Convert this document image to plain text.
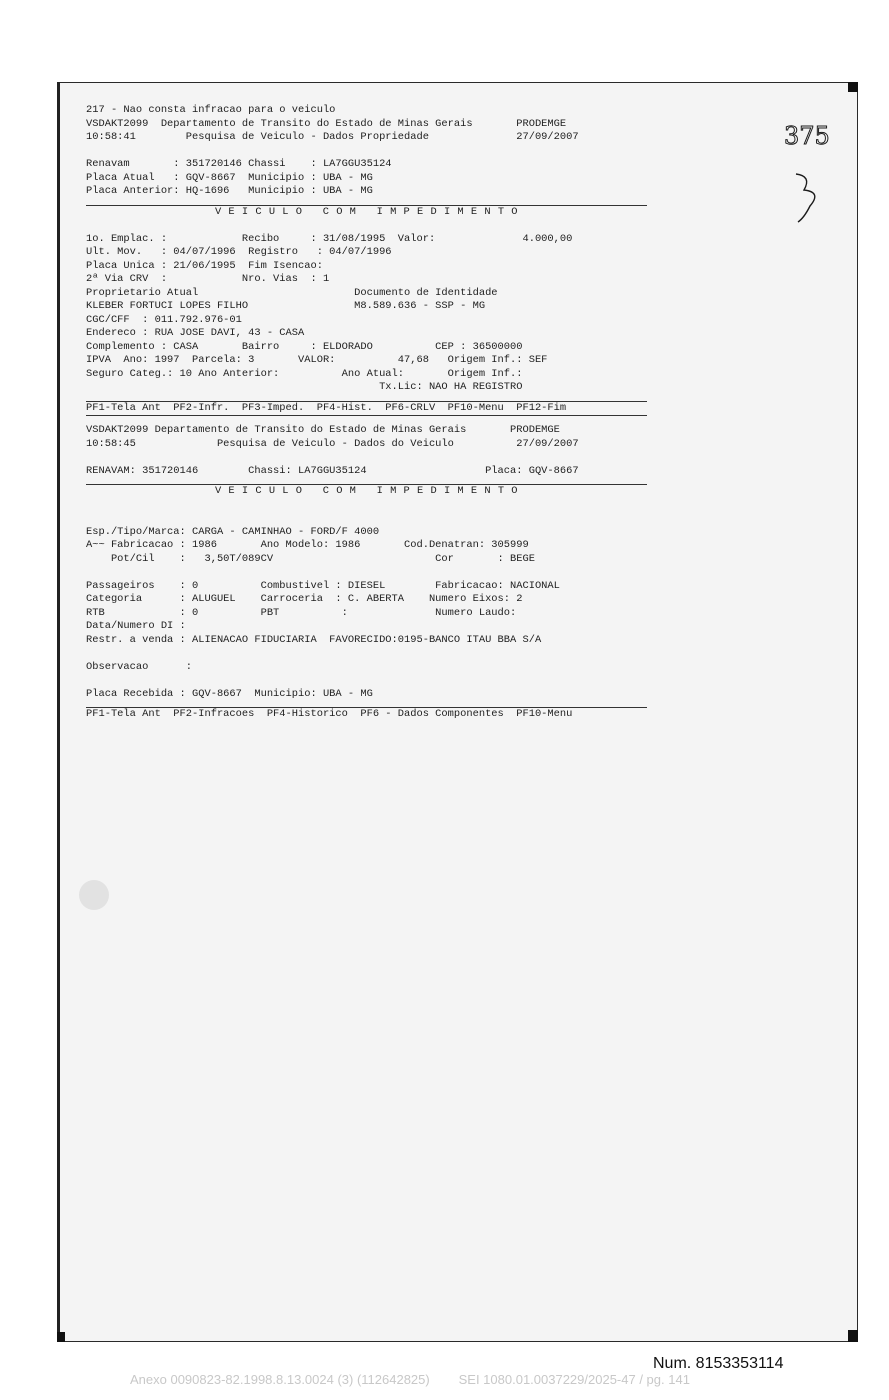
375
217 - Nao consta infracao para o veiculo
VSDAKT2099  Departamento de Transito do Estado de Minas Gerais       PRODEMGE
10:58:41        Pesquisa de Veiculo - Dados Propriedade              27/09/2007
Renavam       : 351720146 Chassi    : LA7GGU35124
Placa Atual   : GQV-8667  Municipio : UBA - MG
Placa Anterior: HQ-1696   Municipio : UBA - MG
V E I C U L O   C O M   I M P E D I M E N T O
1o. Emplac. :            Recibo     : 31/08/1995  Valor:              4.000,00
Ult. Mov.   : 04/07/1996  Registro   : 04/07/1996
Placa Unica : 21/06/1995  Fim Isencao:
2ª Via CRV  :            Nro. Vias  : 1
Proprietario Atual                         Documento de Identidade
KLEBER FORTUCI LOPES FILHO                 M8.589.636 - SSP - MG
CGC/CFF  : 011.792.976-01
Endereco : RUA JOSE DAVI, 43 - CASA
Complemento : CASA       Bairro     : ELDORADO          CEP : 36500000
IPVA  Ano: 1997  Parcela: 3       VALOR:          47,68   Origem Inf.: SEF
Seguro Categ.: 10 Ano Anterior:          Ano Atual:       Origem Inf.:
Tx.Lic: NAO HA REGISTRO
PF1-Tela Ant  PF2-Infr.  PF3-Imped.  PF4-Hist.  PF6-CRLV  PF10-Menu  PF12-Fim
VSDAKT2099 Departamento de Transito do Estado de Minas Gerais       PRODEMGE
10:58:45             Pesquisa de Veiculo - Dados do Veiculo          27/09/2007
RENAVAM: 351720146        Chassi: LA7GGU35124                   Placa: GQV-8667
V E I C U L O   C O M   I M P E D I M E N T O
Esp./Tipo/Marca: CARGA - CAMINHAO - FORD/F 4000
A~~ Fabricacao : 1986       Ano Modelo: 1986       Cod.Denatran: 305999
Pot/Cil    :   3,50T/089CV                          Cor       : BEGE
Passageiros    : 0          Combustivel : DIESEL        Fabricacao: NACIONAL
Categoria      : ALUGUEL    Carroceria  : C. ABERTA    Numero Eixos: 2
RTB            : 0          PBT          :              Numero Laudo:
Data/Numero DI :
Restr. a venda : ALIENACAO FIDUCIARIA  FAVORECIDO:0195-BANCO ITAU BBA S/A
Observacao      :
Placa Recebida : GQV-8667  Municipio: UBA - MG
PF1-Tela Ant  PF2-Infracoes  PF4-Historico  PF6 - Dados Componentes  PF10-Menu
Num. 8153353114
Anexo 0090823-82.1998.8.13.0024 (3) (112642825)        SEI 1080.01.0037229/2025-47 / pg. 141
